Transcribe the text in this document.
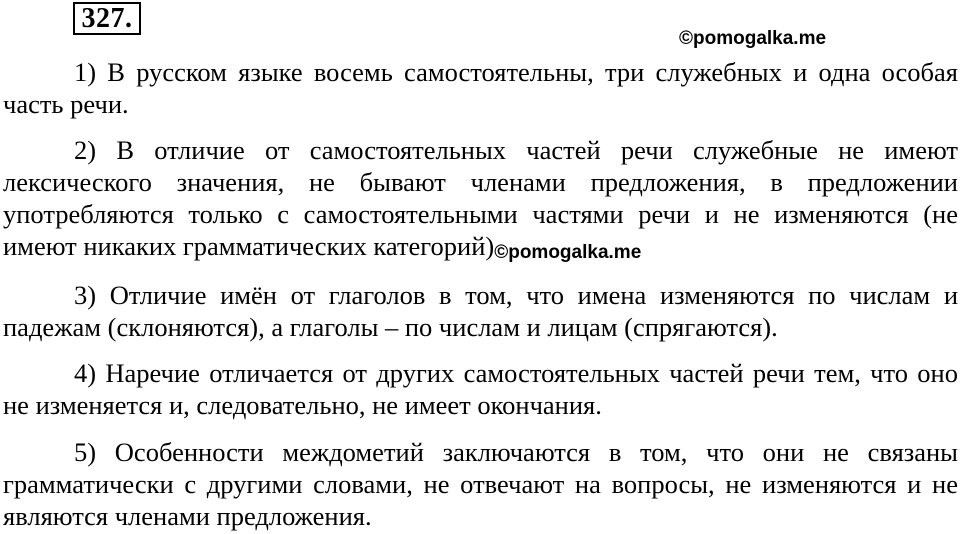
327.
©pomogalka.me

1) В русском языке восемь самостоятельны, три служебных и одна особая часть речи.

2) В отличие от самостоятельных частей речи служебные не имеют лексического значения, не бывают членами предложения, в предложении употребляются только с самостоятельными частями речи и не изменяются (не имеют никаких грамматических категорий)©pomogalka.me

3) Отличие имён от глаголов в том, что имена изменяются по числам и падежам (склоняются), а глаголы – по числам и лицам (спрягаются).

4) Наречие отличается от других самостоятельных частей речи тем, что оно не изменяется и, следовательно, не имеет окончания.

5) Особенности междометий заключаются в том, что они не связаны грамматически с другими словами, не отвечают на вопросы, не изменяются и не являются членами предложения.
